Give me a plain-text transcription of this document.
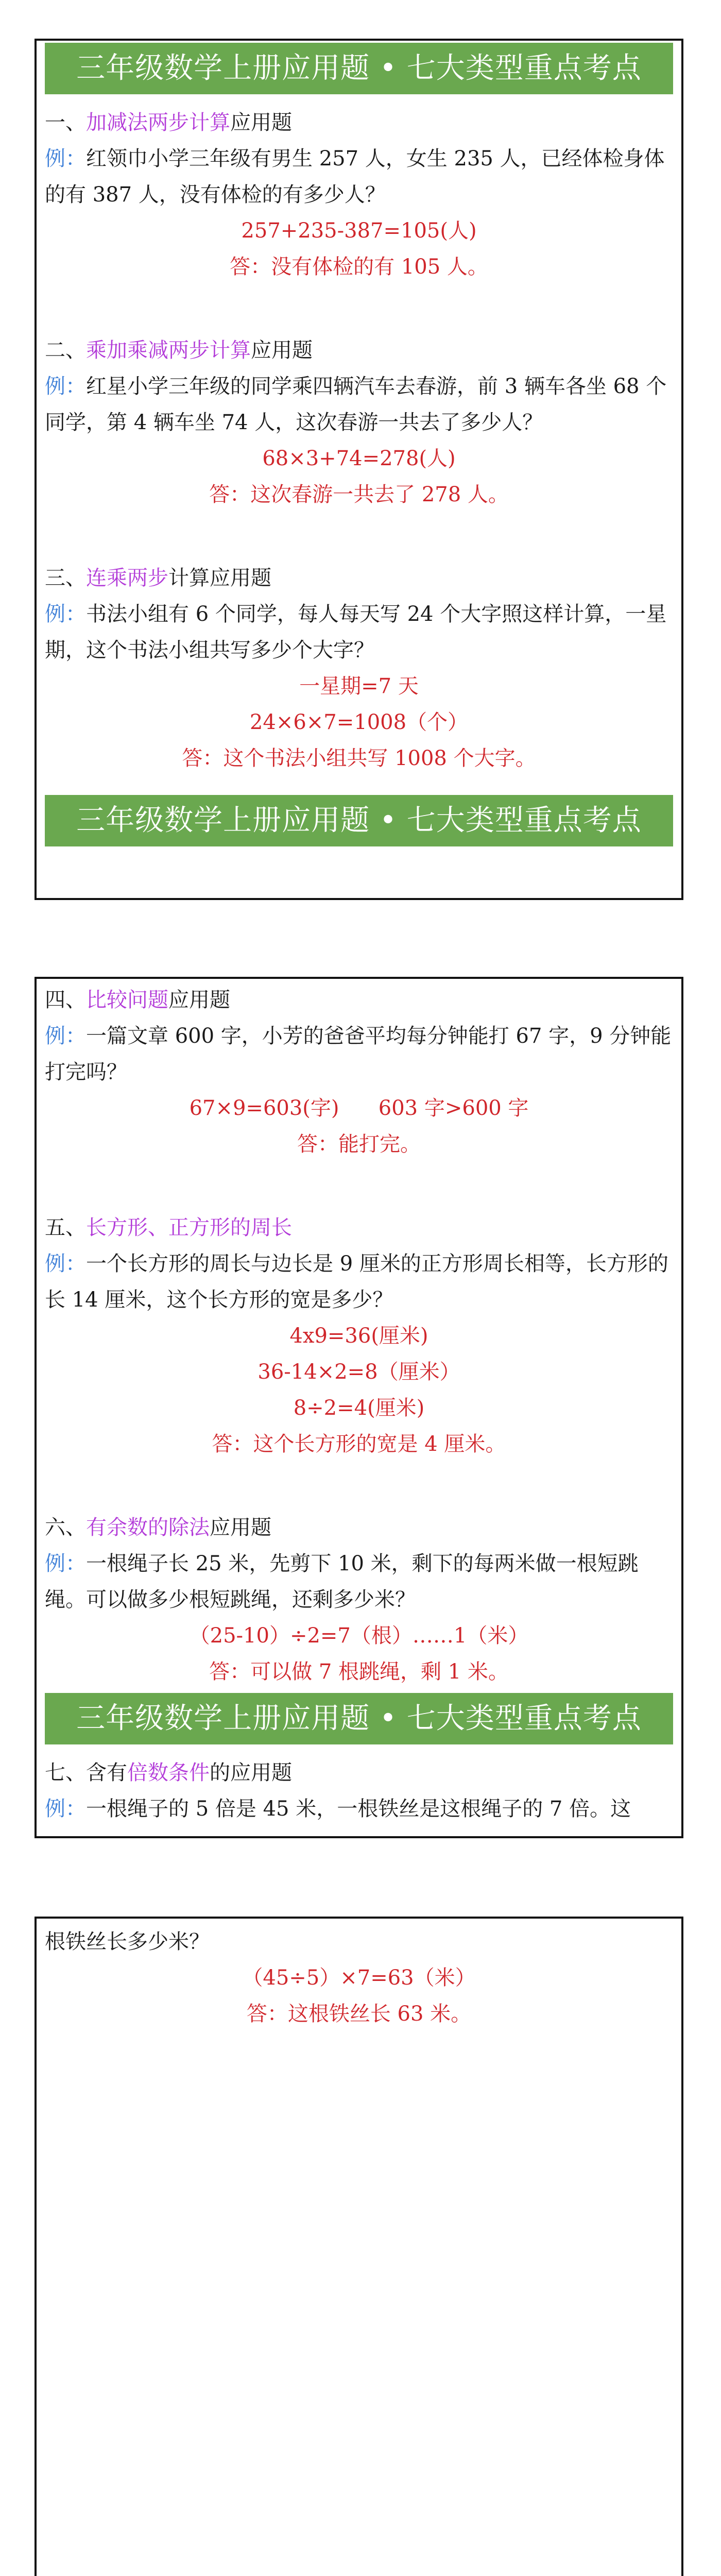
三年级数学上册应用题 • 七大类型重点考点
一、加减法两步计算应用题
例：红领巾小学三年级有男生 257 人，女生 235 人，已经体检身体的有 387 人，没有体检的有多少人？
257+235-387=105(人)
答：没有体检的有 105 人。
二、乘加乘减两步计算应用题
例：红星小学三年级的同学乘四辆汽车去春游，前 3 辆车各坐 68 个同学，第 4 辆车坐 74 人，这次春游一共去了多少人？
68×3+74=278(人)
答：这次春游一共去了 278 人。
三、连乘两步计算应用题
例：书法小组有 6 个同学，每人每天写 24 个大字照这样计算，一星期，这个书法小组共写多少个大字？
一星期=7 天
24×6×7=1008（个）
答：这个书法小组共写 1008 个大字。
三年级数学上册应用题 • 七大类型重点考点
四、比较问题应用题
例：一篇文章 600 字，小芳的爸爸平均每分钟能打 67 字，9 分钟能打完吗？
67×9=603(字)      603 字>600 字
答：能打完。
五、长方形、正方形的周长
例：一个长方形的周长与边长是 9 厘米的正方形周长相等，长方形的长 14 厘米，这个长方形的宽是多少？
4x9=36(厘米)
36-14×2=8（厘米）
8÷2=4(厘米)
答：这个长方形的宽是 4 厘米。
六、有余数的除法应用题
例：一根绳子长 25 米，先剪下 10 米，剩下的每两米做一根短跳绳。可以做多少根短跳绳，还剩多少米？
（25-10）÷2=7（根）……1（米）
答：可以做 7 根跳绳，剩 1 米。
三年级数学上册应用题 • 七大类型重点考点
七、含有倍数条件的应用题
例：一根绳子的 5 倍是 45 米，一根铁丝是这根绳子的 7 倍。这
根铁丝长多少米？
（45÷5）×7=63（米）
答：这根铁丝长 63 米。
